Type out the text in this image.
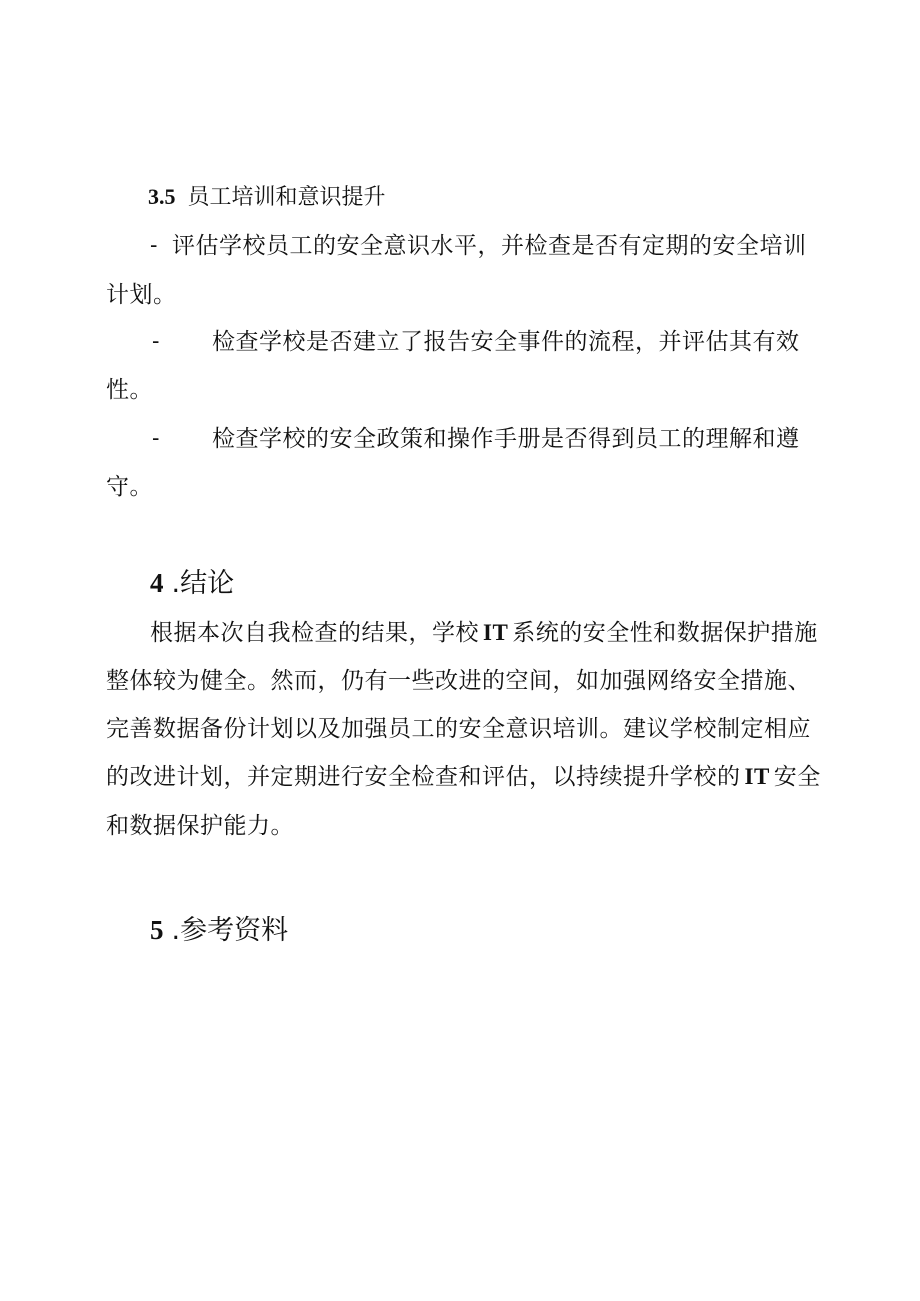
3.5 员工培训和意识提升
- 评估学校员工的安全意识水平，并检查是否有定期的安全培训
计划。
- 检查学校是否建立了报告安全事件的流程，并评估其有效
性。
- 检查学校的安全政策和操作手册是否得到员工的理解和遵
守。
4 .结论
根据本次自我检查的结果，学校 IT 系统的安全性和数据保护措施
整体较为健全。然而，仍有一些改进的空间，如加强网络安全措施、
完善数据备份计划以及加强员工的安全意识培训。建议学校制定相应
的改进计划，并定期进行安全检查和评估，以持续提升学校的 IT 安全
和数据保护能力。
5 .参考资料
